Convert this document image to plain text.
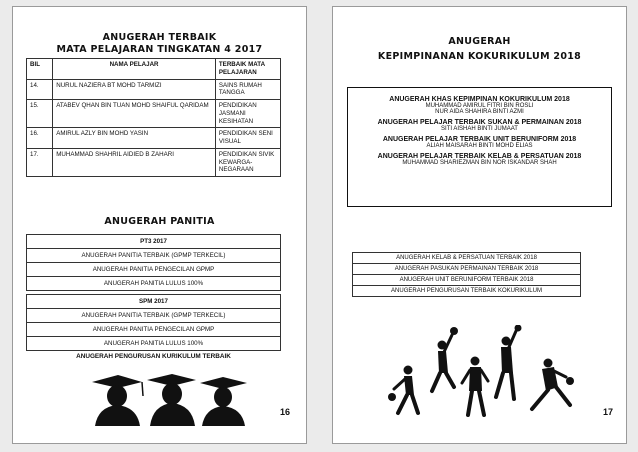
ANUGERAH TERBAIK
MATA PELAJARAN TINGKATAN 4 2017
BIL	NAMA PELAJAR	TERBAIK MATA PELAJARAN
14.	NURUL NAZIERA BT MOHD TARMIZI	SAINS RUMAH TANGGA
15.	ATABEV QHAN BIN TUAN MOHD SHAIFUL QARIDAM	PENDIDIKAN JASMANI KESIHATAN
16.	AMIRUL AZLY BIN MOHD YASIN	PENDIDIKAN SENI VISUAL
17.	MUHAMMAD SHAHRIL AIDIED B ZAHARI	PENDIDIKAN SIVIK KEWARGA-NEGARAAN
ANUGERAH PANITIA
PT3 2017
ANUGERAH PANITIA TERBAIK (GPMP TERKECIL)
ANUGERAH PANITIA PENGECILAN GPMP
ANUGERAH PANITIA LULUS 100%
SPM 2017
ANUGERAH PANITIA TERBAIK (GPMP TERKECIL)
ANUGERAH PANITIA PENGECILAN GPMP
ANUGERAH PANITIA LULUS 100%
ANUGERAH PENGURUSAN KURIKULUM TERBAIK
16
ANUGERAH
KEPIMPINANAN KOKURIKULUM 2018
ANUGERAH KHAS KEPIMPINAN KOKURIKULUM 2018
MUHAMMAD AMIRUL FITRI BIN ROSLI
NUR AIDA SHAHIRA BINTI AZMI
ANUGERAH PELAJAR TERBAIK SUKAN & PERMAINAN 2018
SITI AISHAH BINTI JUMAAT
ANUGERAH PELAJAR TERBAIK UNIT BERUNIFORM 2018
ALIAH MAISARAH BINTI MOHD ELIAS
ANUGERAH PELAJAR TERBAIK KELAB & PERSATUAN 2018
MUHAMMAD SHARIEZMAN BIN NOR ISKANDAR SHAH
ANUGERAH KELAB & PERSATUAN TERBAIK 2018
ANUGERAH PASUKAN PERMAINAN TERBAIK 2018
ANUGERAH UNIT BERUNIFORM TERBAIK 2018
ANUGERAH PENGURUSAN TERBAIK KOKURIKULUM
17
